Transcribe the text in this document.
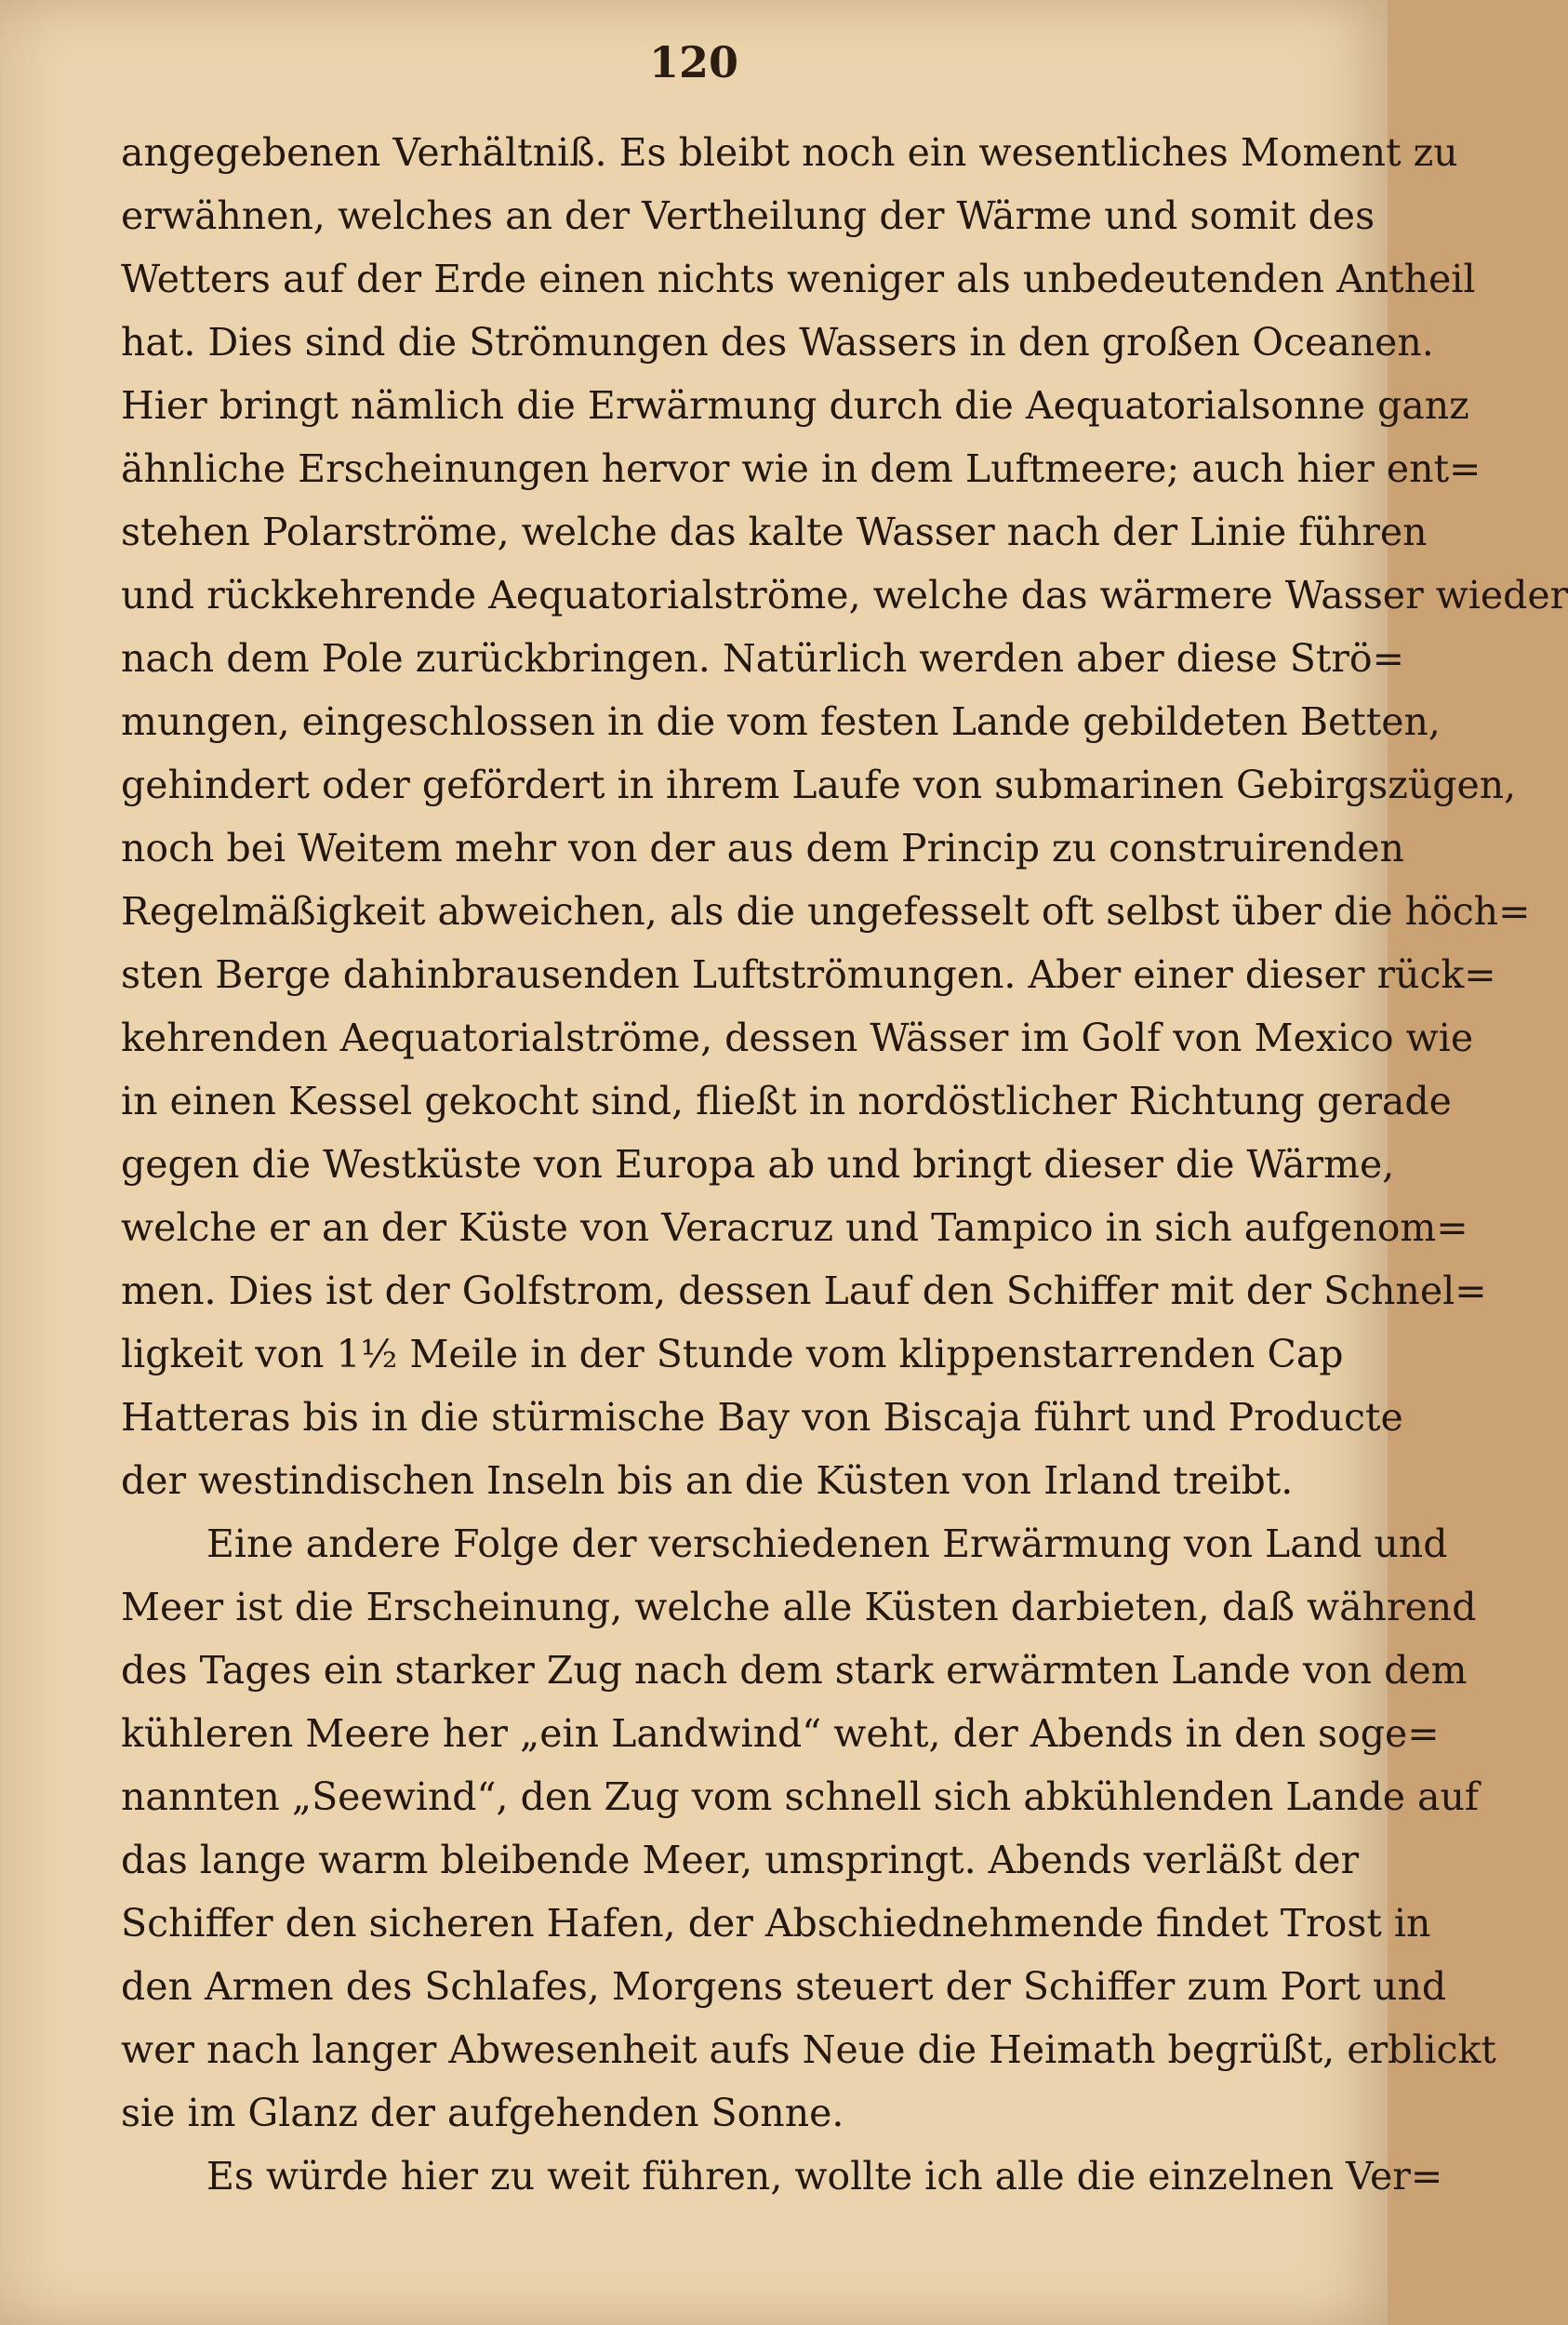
120
angegebenen Verhältniß. Es bleibt noch ein wesentliches Moment zu
erwähnen, welches an der Vertheilung der Wärme und somit des
Wetters auf der Erde einen nichts weniger als unbedeutenden Antheil
hat. Dies sind die Strömungen des Wassers in den großen Oceanen.
Hier bringt nämlich die Erwärmung durch die Aequatorialsonne ganz
ähnliche Erscheinungen hervor wie in dem Luftmeere; auch hier ent=
stehen Polarströme, welche das kalte Wasser nach der Linie führen
und rückkehrende Aequatorialströme, welche das wärmere Wasser wieder
nach dem Pole zurückbringen. Natürlich werden aber diese Strö=
mungen, eingeschlossen in die vom festen Lande gebildeten Betten,
gehindert oder gefördert in ihrem Laufe von submarinen Gebirgszügen,
noch bei Weitem mehr von der aus dem Princip zu construirenden
Regelmäßigkeit abweichen, als die ungefesselt oft selbst über die höch=
sten Berge dahinbrausenden Luftströmungen. Aber einer dieser rück=
kehrenden Aequatorialströme, dessen Wässer im Golf von Mexico wie
in einen Kessel gekocht sind, fließt in nordöstlicher Richtung gerade
gegen die Westküste von Europa ab und bringt dieser die Wärme,
welche er an der Küste von Veracruz und Tampico in sich aufgenom=
men. Dies ist der Golfstrom, dessen Lauf den Schiffer mit der Schnel=
ligkeit von 1½ Meile in der Stunde vom klippenstarrenden Cap
Hatteras bis in die stürmische Bay von Biscaja führt und Producte
der westindischen Inseln bis an die Küsten von Irland treibt.
Eine andere Folge der verschiedenen Erwärmung von Land und
Meer ist die Erscheinung, welche alle Küsten darbieten, daß während
des Tages ein starker Zug nach dem stark erwärmten Lande von dem
kühleren Meere her „ein Landwind“ weht, der Abends in den soge=
nannten „Seewind“, den Zug vom schnell sich abkühlenden Lande auf
das lange warm bleibende Meer, umspringt. Abends verläßt der
Schiffer den sicheren Hafen, der Abschiednehmende findet Trost in
den Armen des Schlafes, Morgens steuert der Schiffer zum Port und
wer nach langer Abwesenheit aufs Neue die Heimath begrüßt, erblickt
sie im Glanz der aufgehenden Sonne.
Es würde hier zu weit führen, wollte ich alle die einzelnen Ver=
